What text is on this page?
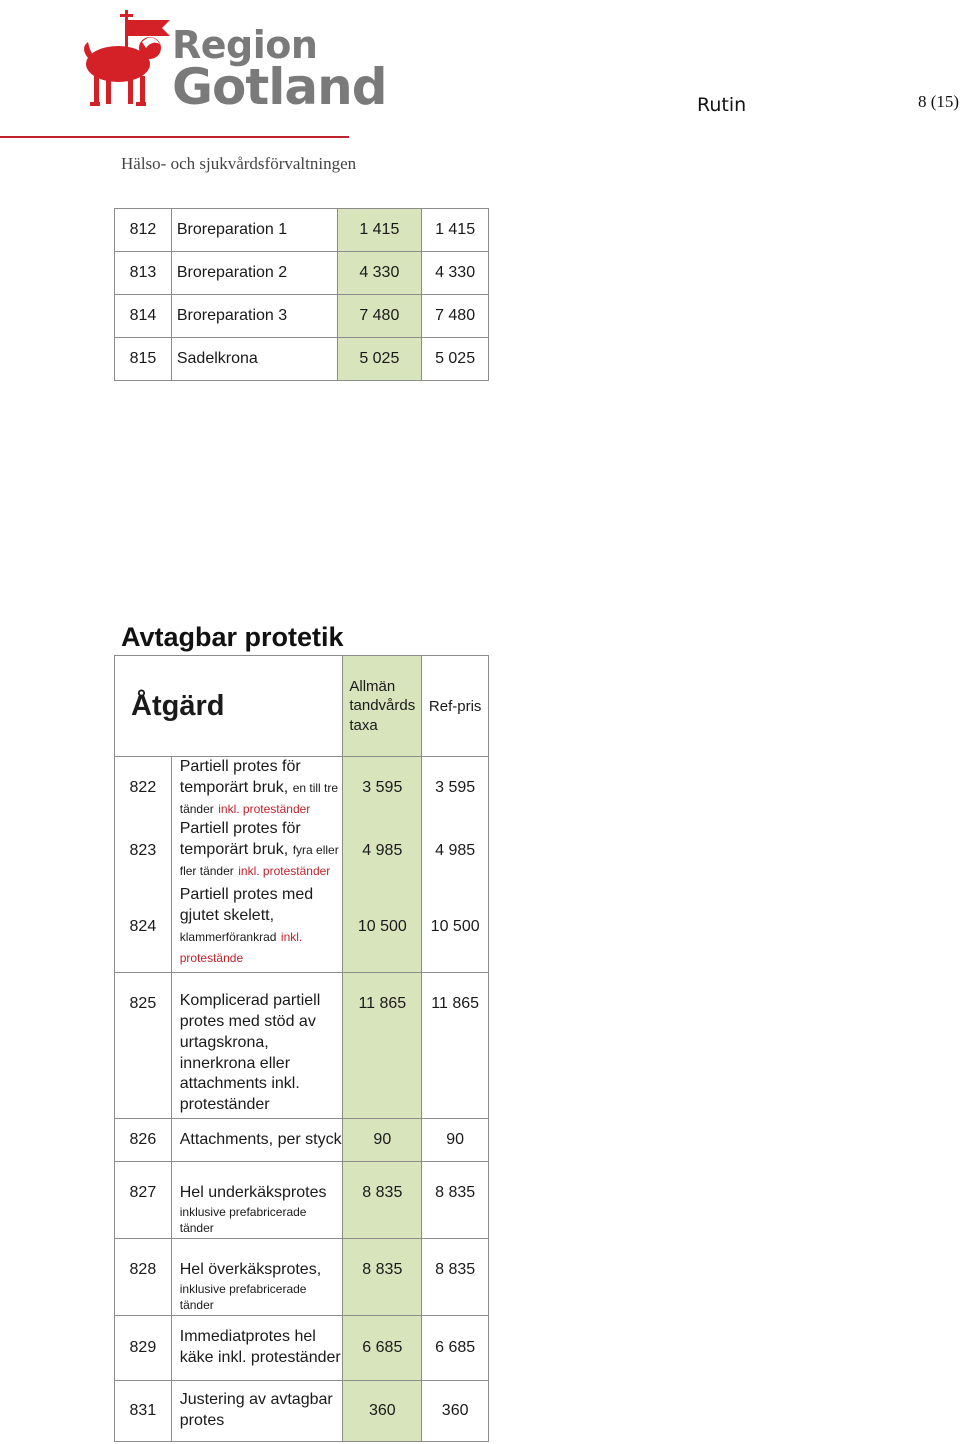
Region
Gotland	Rutin	8 (15)
Hälso- och sjukvårdsförvaltningen
812	Broreparation 1	1 415	1 415
813	Broreparation 2	4 330	4 330
814	Broreparation 3	7 480	7 480
815	Sadelkrona	5 025	5 025
Avtagbar protetik
Åtgärd		Allmän
tandvårds
taxa	Ref-pris
822	Partiell protes för temporärt bruk, en till tre tänder inkl. proteständer	3 595	3 595
823	Partiell protes för temporärt bruk, fyra eller fler tänder inkl. proteständer	4 985	4 985
824	Partiell protes med gjutet skelett, klammerförankrad inkl. protestände	10 500	10 500
825	Komplicerad partiell protes med stöd av urtagskrona, innerkrona eller attachments inkl. proteständer	11 865	11 865
826	Attachments, per styck	90	90
827	Hel underkäksprotes
inklusive prefabricerade tänder	8 835	8 835
828	Hel överkäksprotes,
inklusive prefabricerade tänder	8 835	8 835
829	Immediatprotes hel käke inkl. proteständer	6 685	6 685
831	Justering av avtagbar protes	360	360
